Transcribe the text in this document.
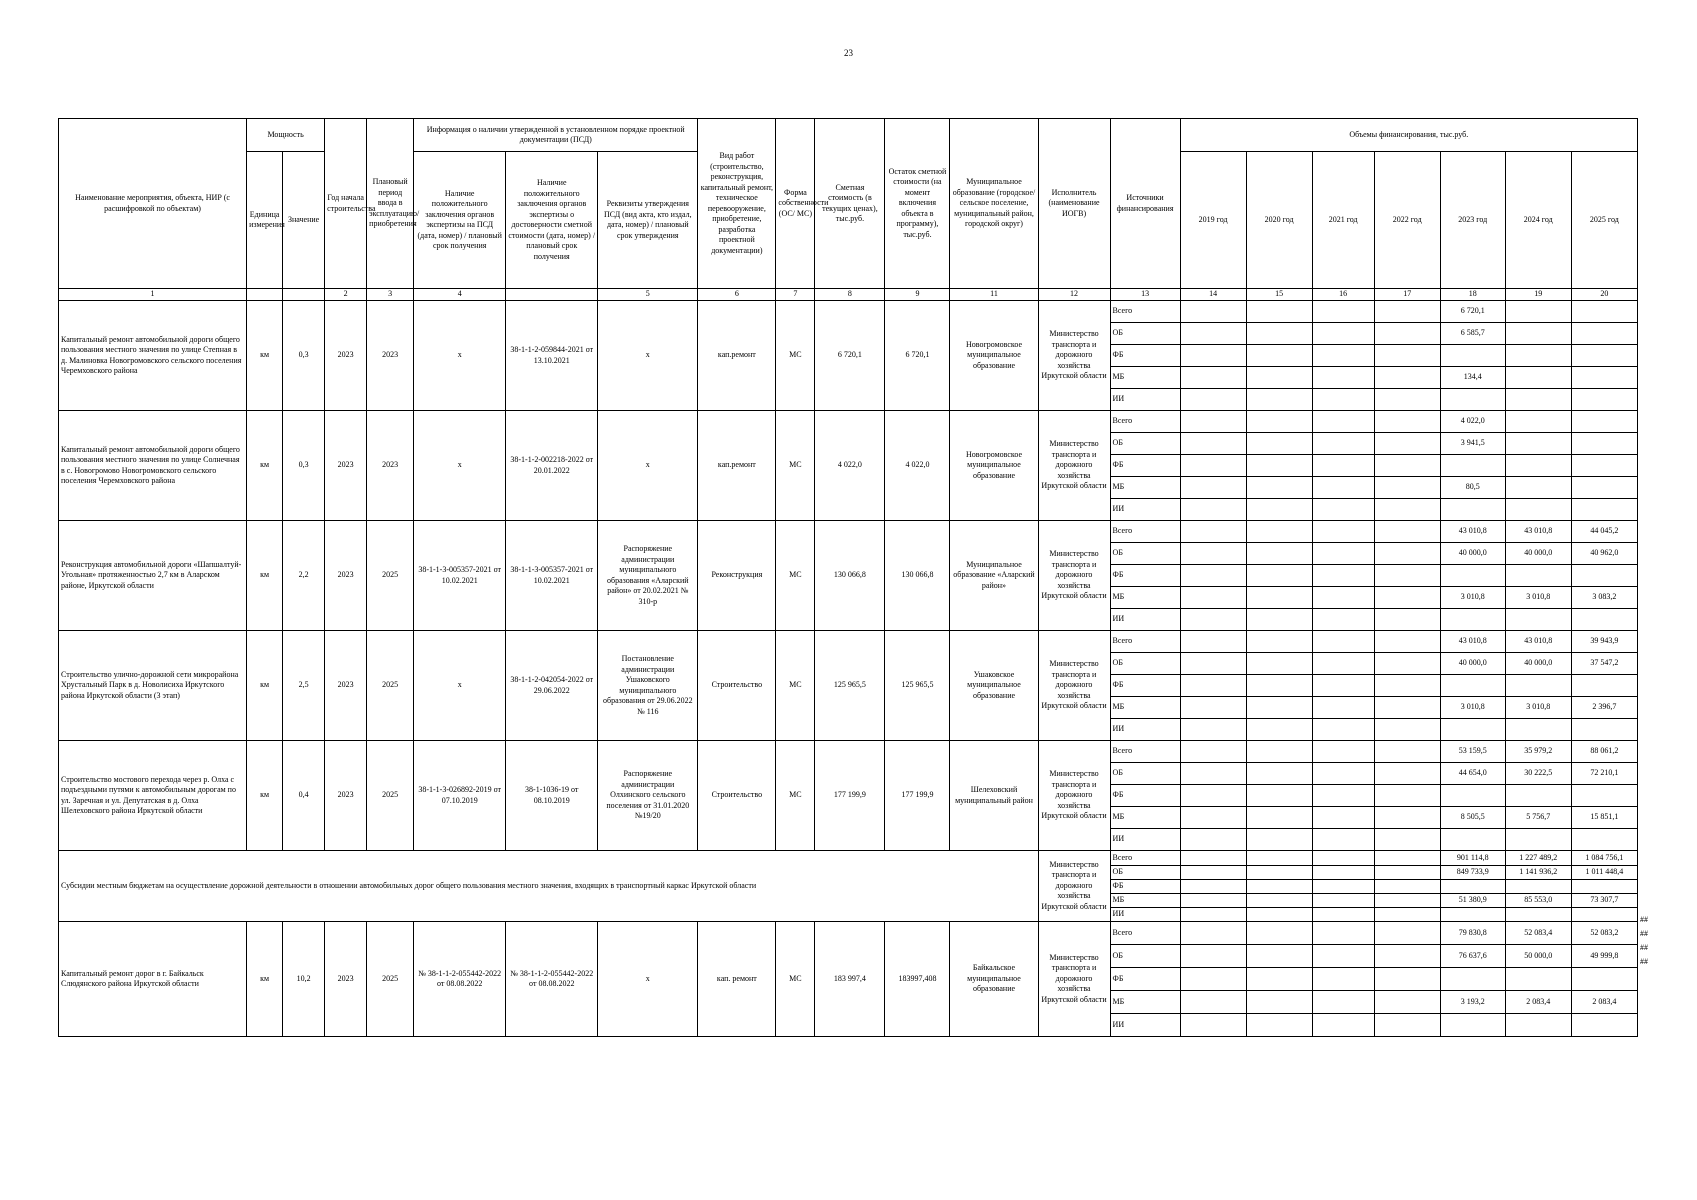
23
Наименование мероприятия, объекта, НИР (с расшифровкой по объектам)	Мощность		Год начала строительства	Плановый период ввода в эксплуатацию/приобретения	Информация о наличии утвержденной в установленном порядке проектной документации (ПСД)			Вид работ (строительство, реконструкция, капитальный ремонт, техническое перевооружение, приобретение, разработка проектной документации)	Форма собственности (ОС/ МС)	Сметная стоимость (в текущих ценах), тыс.руб.	Остаток сметной стоимости (на момент включения объекта в программу), тыс.руб.	Муниципальное образование (городское/сельское поселение, муниципальный район, городской округ)	Исполнитель (наименование ИОГВ)	Источники финансирования	Объемы финансирования, тыс.руб.						
	Единица измерения	Значение			Наличие положительного заключения органов экспертизы на ПСД (дата, номер) / плановый срок получения	Наличие положительного заключения органов экспертизы о достоверности сметной стоимости (дата, номер) / плановый срок получения	Реквизиты утверждения ПСД (вид акта, кто издал, дата, номер) / плановый срок утверждения								2019 год	2020 год	2021 год	2022 год	2023 год	2024 год	2025 год
1			2	3	4		5	6	7	8	9	11	12	13	14	15	16	17	18	19	20
Капитальный ремонт автомобильной дороги общего пользования местного значения по улице Степная в д. Малиновка Новогромовского сельского поселения Черемховского района	км	0,3	2023	2023	х	38-1-1-2-059844-2021 от 13.10.2021	х	кап.ремонт	МС	6 720,1	6 720,1	Новогромовское муниципальное образование	Министерство транспорта и дорожного хозяйства Иркутской области	Всего					6 720,1		
														ОБ					6 585,7		
														ФБ							
														МБ					134,4		
														ИИ							
Капитальный ремонт автомобильной дороги общего пользования местного значения по улице Солнечная в с. Новогромово Новогромовского сельского поселения Черемховского района	км	0,3	2023	2023	х	38-1-1-2-002218-2022 от 20.01.2022	х	кап.ремонт	МС	4 022,0	4 022,0	Новогромовское муниципальное образование	Министерство транспорта и дорожного хозяйства Иркутской области	Всего					4 022,0		
														ОБ					3 941,5		
														ФБ							
														МБ					80,5		
														ИИ							
Реконструкция автомобильной дороги «Шапшалтуй-Угольная» протяженностью 2,7 км в Аларском районе, Иркутской области	км	2,2	2023	2025	38-1-1-3-005357-2021 от 10.02.2021	38-1-1-3-005357-2021 от 10.02.2021	Распоряжение администрации муниципального образования «Аларский район» от 20.02.2021 № 310-р	Реконструкция	МС	130 066,8	130 066,8	Муниципальное образование «Аларский район»	Министерство транспорта и дорожного хозяйства Иркутской области	Всего					43 010,8	43 010,8	44 045,2
														ОБ					40 000,0	40 000,0	40 962,0
														ФБ							
														МБ					3 010,8	3 010,8	3 083,2
														ИИ							
Строительство улично-дорожной сети микрорайона Хрустальный Парк в д. Новолисиха Иркутского района Иркутской области (3 этап)	км	2,5	2023	2025	х	38-1-1-2-042054-2022 от 29.06.2022	Постановление администрации Ушаковского муниципального образования от 29.06.2022 № 116	Строительство	МС	125 965,5	125 965,5	Ушаковское муниципальное образование	Министерство транспорта и дорожного хозяйства Иркутской области	Всего					43 010,8	43 010,8	39 943,9
														ОБ					40 000,0	40 000,0	37 547,2
														ФБ							
														МБ					3 010,8	3 010,8	2 396,7
														ИИ							
Строительство мостового перехода через р. Олха с подъездными путями к автомобильным дорогам по ул. Заречная и ул. Депутатская в д. Олха Шелеховского района Иркутской области	км	0,4	2023	2025	38-1-1-3-026892-2019 от 07.10.2019	38-1-1036-19 от 08.10.2019	Распоряжение администрации Олхинского сельского поселения от 31.01.2020 №19/20	Строительство	МС	177 199,9	177 199,9	Шелеховский муниципальный район	Министерство транспорта и дорожного хозяйства Иркутской области	Всего					53 159,5	35 979,2	88 061,2
														ОБ					44 654,0	30 222,5	72 210,1
														ФБ							
														МБ					8 505,5	5 756,7	15 851,1
														ИИ							
Субсидии местным бюджетам на осуществление дорожной деятельности в отношении автомобильных дорог общего пользования местного значения, входящих в транспортный каркас Иркутской области													Министерство транспорта и дорожного хозяйства Иркутской области	Всего					901 114,8	1 227 489,2	1 084 756,1
														ОБ					849 733,9	1 141 936,2	1 011 448,4
														ФБ							
														МБ					51 380,9	85 553,0	73 307,7
														ИИ							
Капитальный ремонт дорог в г. Байкальск Слюдянского района Иркутской области	км	10,2	2023	2025	№ 38-1-1-2-055442-2022 от 08.08.2022	№ 38-1-1-2-055442-2022 от 08.08.2022	х	кап. ремонт	МС	183 997,4	183997,408	Байкальское муниципальное образование	Министерство транспорта и дорожного хозяйства Иркутской области	Всего					79 830,8	52 083,4	52 083,2
														ОБ					76 637,6	50 000,0	49 999,8
														ФБ							
														МБ					3 193,2	2 083,4	2 083,4
														ИИ							
##
##
##
##
